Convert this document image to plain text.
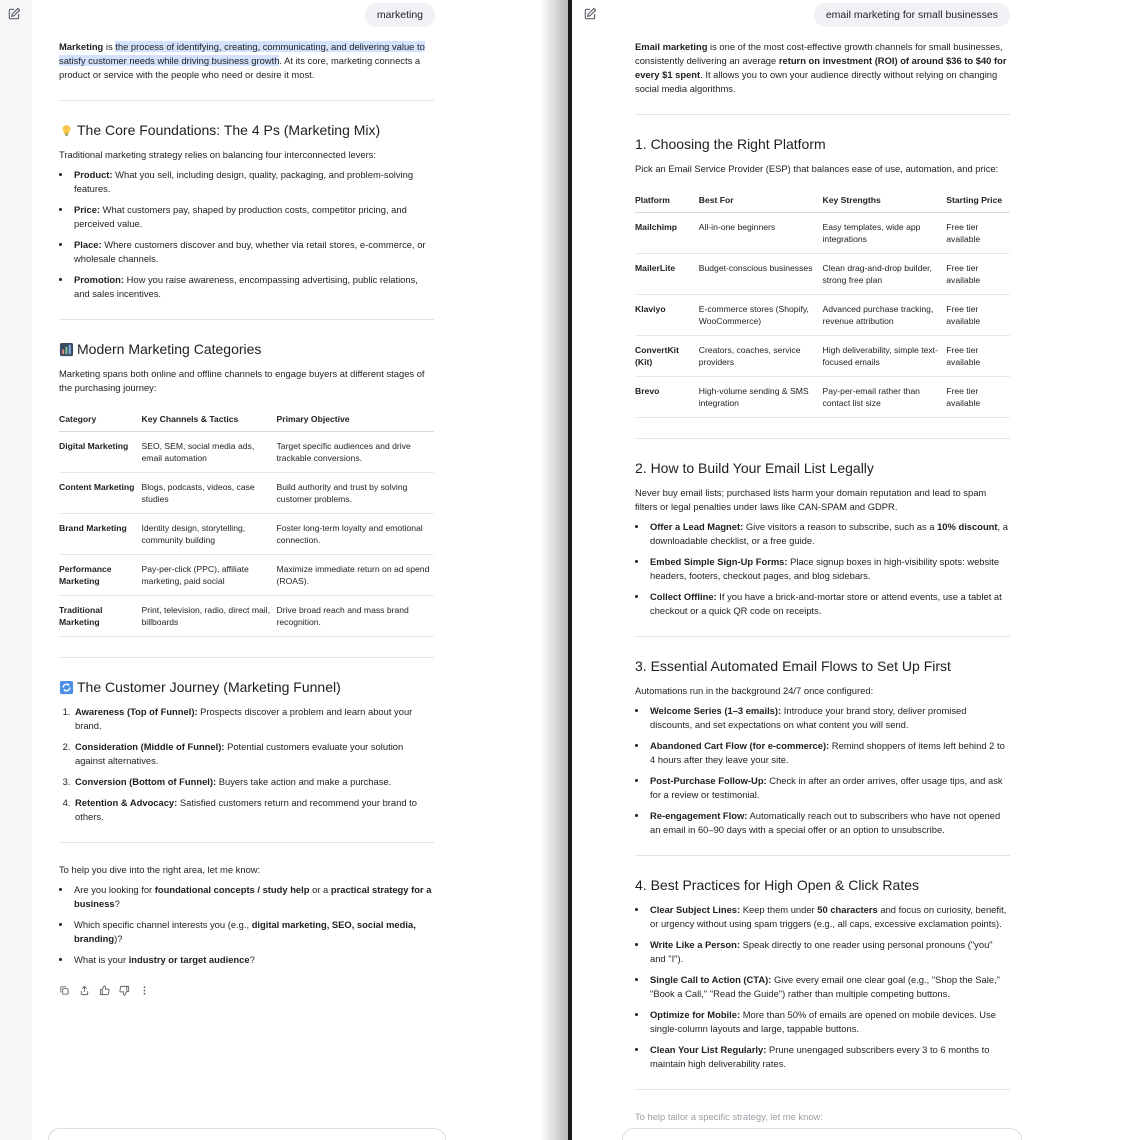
marketing

Marketing is the process of identifying, creating, communicating, and delivering value to satisfy customer needs while driving business growth. At its core, marketing connects a product or service with the people who need or desire it most.

The Core Foundations: The 4 Ps (Marketing Mix)

Traditional marketing strategy relies on balancing four interconnected levers:

• Product: What you sell, including design, quality, packaging, and problem-solving features.
• Price: What customers pay, shaped by production costs, competitor pricing, and perceived value.
• Place: Where customers discover and buy, whether via retail stores, e-commerce, or wholesale channels.
• Promotion: How you raise awareness, encompassing advertising, public relations, and sales incentives.
Modern Marketing Categories

Marketing spans both online and offline channels to engage buyers at different stages of the purchasing journey:

Category	Key Channels & Tactics	Primary Objective
Digital Marketing	SEO, SEM, social media ads, email automation	Target specific audiences and drive trackable conversions.
Content Marketing	Blogs, podcasts, videos, case studies	Build authority and trust by solving customer problems.
Brand Marketing	Identity design, storytelling, community building	Foster long-term loyalty and emotional connection.
Performance Marketing	Pay-per-click (PPC), affiliate marketing, paid social	Maximize immediate return on ad spend (ROAS).
Traditional Marketing	Print, television, radio, direct mail, billboards	Drive broad reach and mass brand recognition.
The Customer Journey (Marketing Funnel)
1. Awareness (Top of Funnel): Prospects discover a problem and learn about your brand.
2. Consideration (Middle of Funnel): Potential customers evaluate your solution against alternatives.
3. Conversion (Bottom of Funnel): Buyers take action and make a purchase.
4. Retention & Advocacy: Satisfied customers return and recommend your brand to others.

To help you dive into the right area, let me know:

• Are you looking for foundational concepts / study help or a practical strategy for a business?
• Which specific channel interests you (e.g., digital marketing, SEO, social media, branding)?
• What is your industry or target audience?
email marketing for small businesses

Email marketing is one of the most cost-effective growth channels for small businesses, consistently delivering an average return on investment (ROI) of around $36 to $40 for every $1 spent. It allows you to own your audience directly without relying on changing social media algorithms.

1. Choosing the Right Platform

Pick an Email Service Provider (ESP) that balances ease of use, automation, and price:

Platform	Best For	Key Strengths	Starting Price
Mailchimp	All-in-one beginners	Easy templates, wide app integrations	Free tier available
MailerLite	Budget-conscious businesses	Clean drag-and-drop builder, strong free plan	Free tier available
Klaviyo	E-commerce stores (Shopify, WooCommerce)	Advanced purchase tracking, revenue attribution	Free tier available
ConvertKit (Kit)	Creators, coaches, service providers	High deliverability, simple text-focused emails	Free tier available
Brevo	High-volume sending & SMS integration	Pay-per-email rather than contact list size	Free tier available
2. How to Build Your Email List Legally

Never buy email lists; purchased lists harm your domain reputation and lead to spam filters or legal penalties under laws like CAN-SPAM and GDPR.

• Offer a Lead Magnet: Give visitors a reason to subscribe, such as a 10% discount, a downloadable checklist, or a free guide.
• Embed Simple Sign-Up Forms: Place signup boxes in high-visibility spots: website headers, footers, checkout pages, and blog sidebars.
• Collect Offline: If you have a brick-and-mortar store or attend events, use a tablet at checkout or a quick QR code on receipts.
3. Essential Automated Email Flows to Set Up First

Automations run in the background 24/7 once configured:

• Welcome Series (1–3 emails): Introduce your brand story, deliver promised discounts, and set expectations on what content you will send.
• Abandoned Cart Flow (for e-commerce): Remind shoppers of items left behind 2 to 4 hours after they leave your site.
• Post-Purchase Follow-Up: Check in after an order arrives, offer usage tips, and ask for a review or testimonial.
• Re-engagement Flow: Automatically reach out to subscribers who have not opened an email in 60–90 days with a special offer or an option to unsubscribe.
4. Best Practices for High Open & Click Rates
• Clear Subject Lines: Keep them under 50 characters and focus on curiosity, benefit, or urgency without using spam triggers (e.g., all caps, excessive exclamation points).
• Write Like a Person: Speak directly to one reader using personal pronouns ("you" and "I").
• Single Call to Action (CTA): Give every email one clear goal (e.g., "Shop the Sale," "Book a Call," "Read the Guide") rather than multiple competing buttons.
• Optimize for Mobile: More than 50% of emails are opened on mobile devices. Use single-column layouts and large, tappable buttons.
• Clean Your List Regularly: Prune unengaged subscribers every 3 to 6 months to maintain high deliverability rates.

To help tailor a specific strategy, let me know:
